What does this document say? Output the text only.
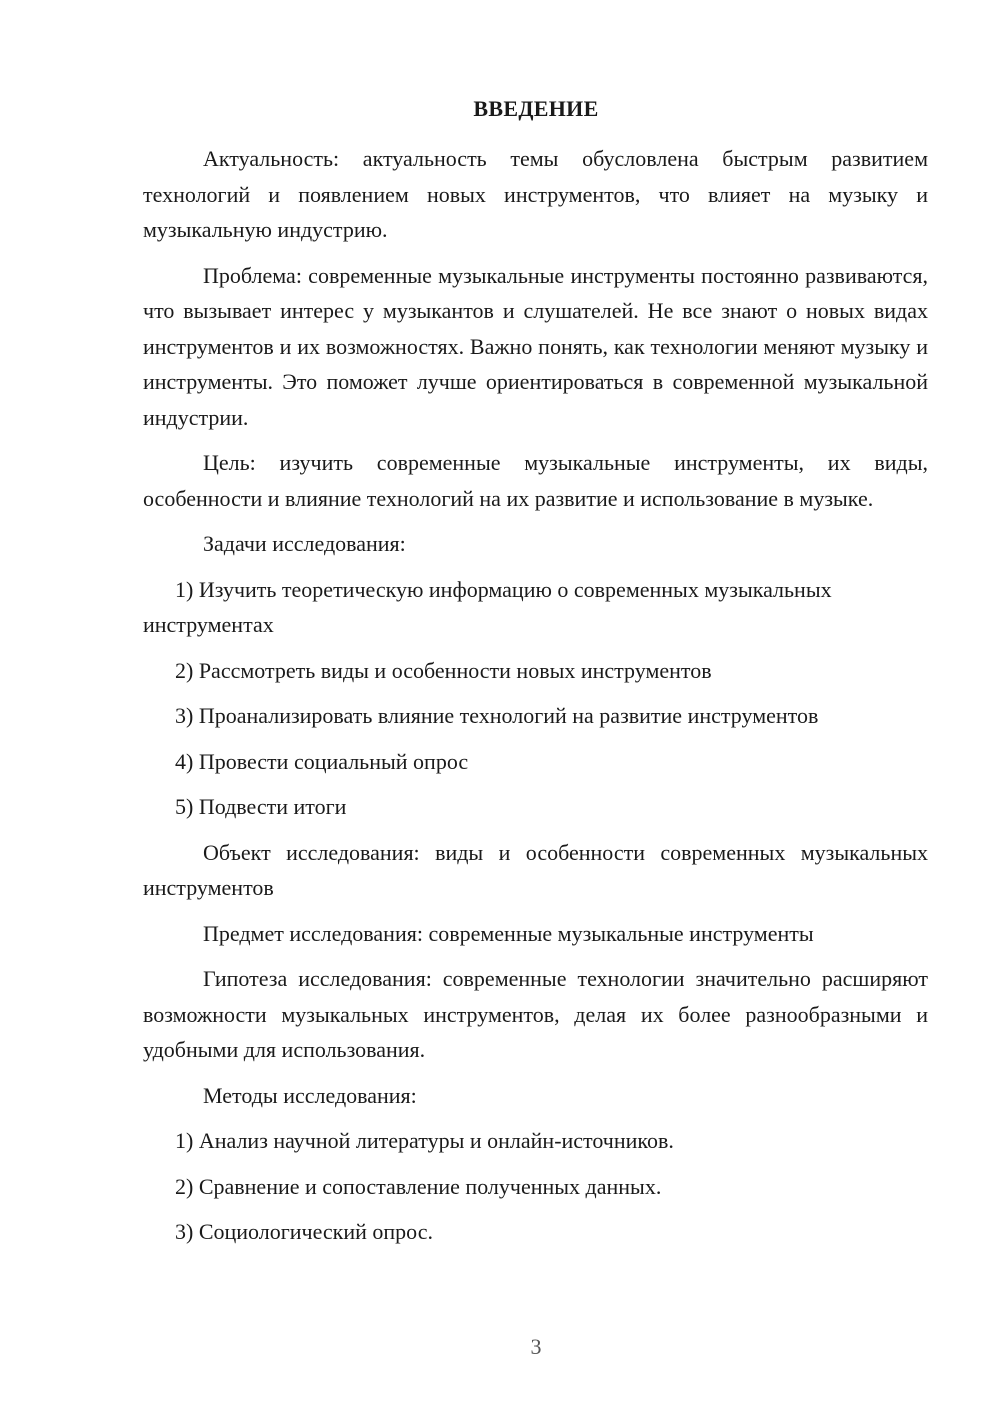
ВВЕДЕНИЕ

Актуальность: актуальность темы обусловлена быстрым развитием технологий и появлением новых инструментов, что влияет на музыку и музыкальную индустрию.

Проблема: современные музыкальные инструменты постоянно развиваются, что вызывает интерес у музыкантов и слушателей. Не все знают о новых видах инструментов и их возможностях. Важно понять, как технологии меняют музыку и инструменты. Это поможет лучше ориентироваться в современной музыкальной индустрии.

Цель: изучить современные музыкальные инструменты, их виды, особенности и влияние технологий на их развитие и использование в музыке.

Задачи исследования:

1) Изучить теоретическую информацию о современных музыкальных инструментах

2) Рассмотреть виды и особенности новых инструментов

3) Проанализировать влияние технологий на развитие инструментов

4) Провести социальный опрос

5) Подвести итоги

Объект исследования: виды и особенности современных музыкальных инструментов

Предмет исследования: современные музыкальные инструменты

Гипотеза исследования: современные технологии значительно расширяют возможности музыкальных инструментов, делая их более разнообразными и удобными для использования.

Методы исследования:

1) Анализ научной литературы и онлайн-источников.

2) Сравнение и сопоставление полученных данных.

3) Социологический опрос.

3
